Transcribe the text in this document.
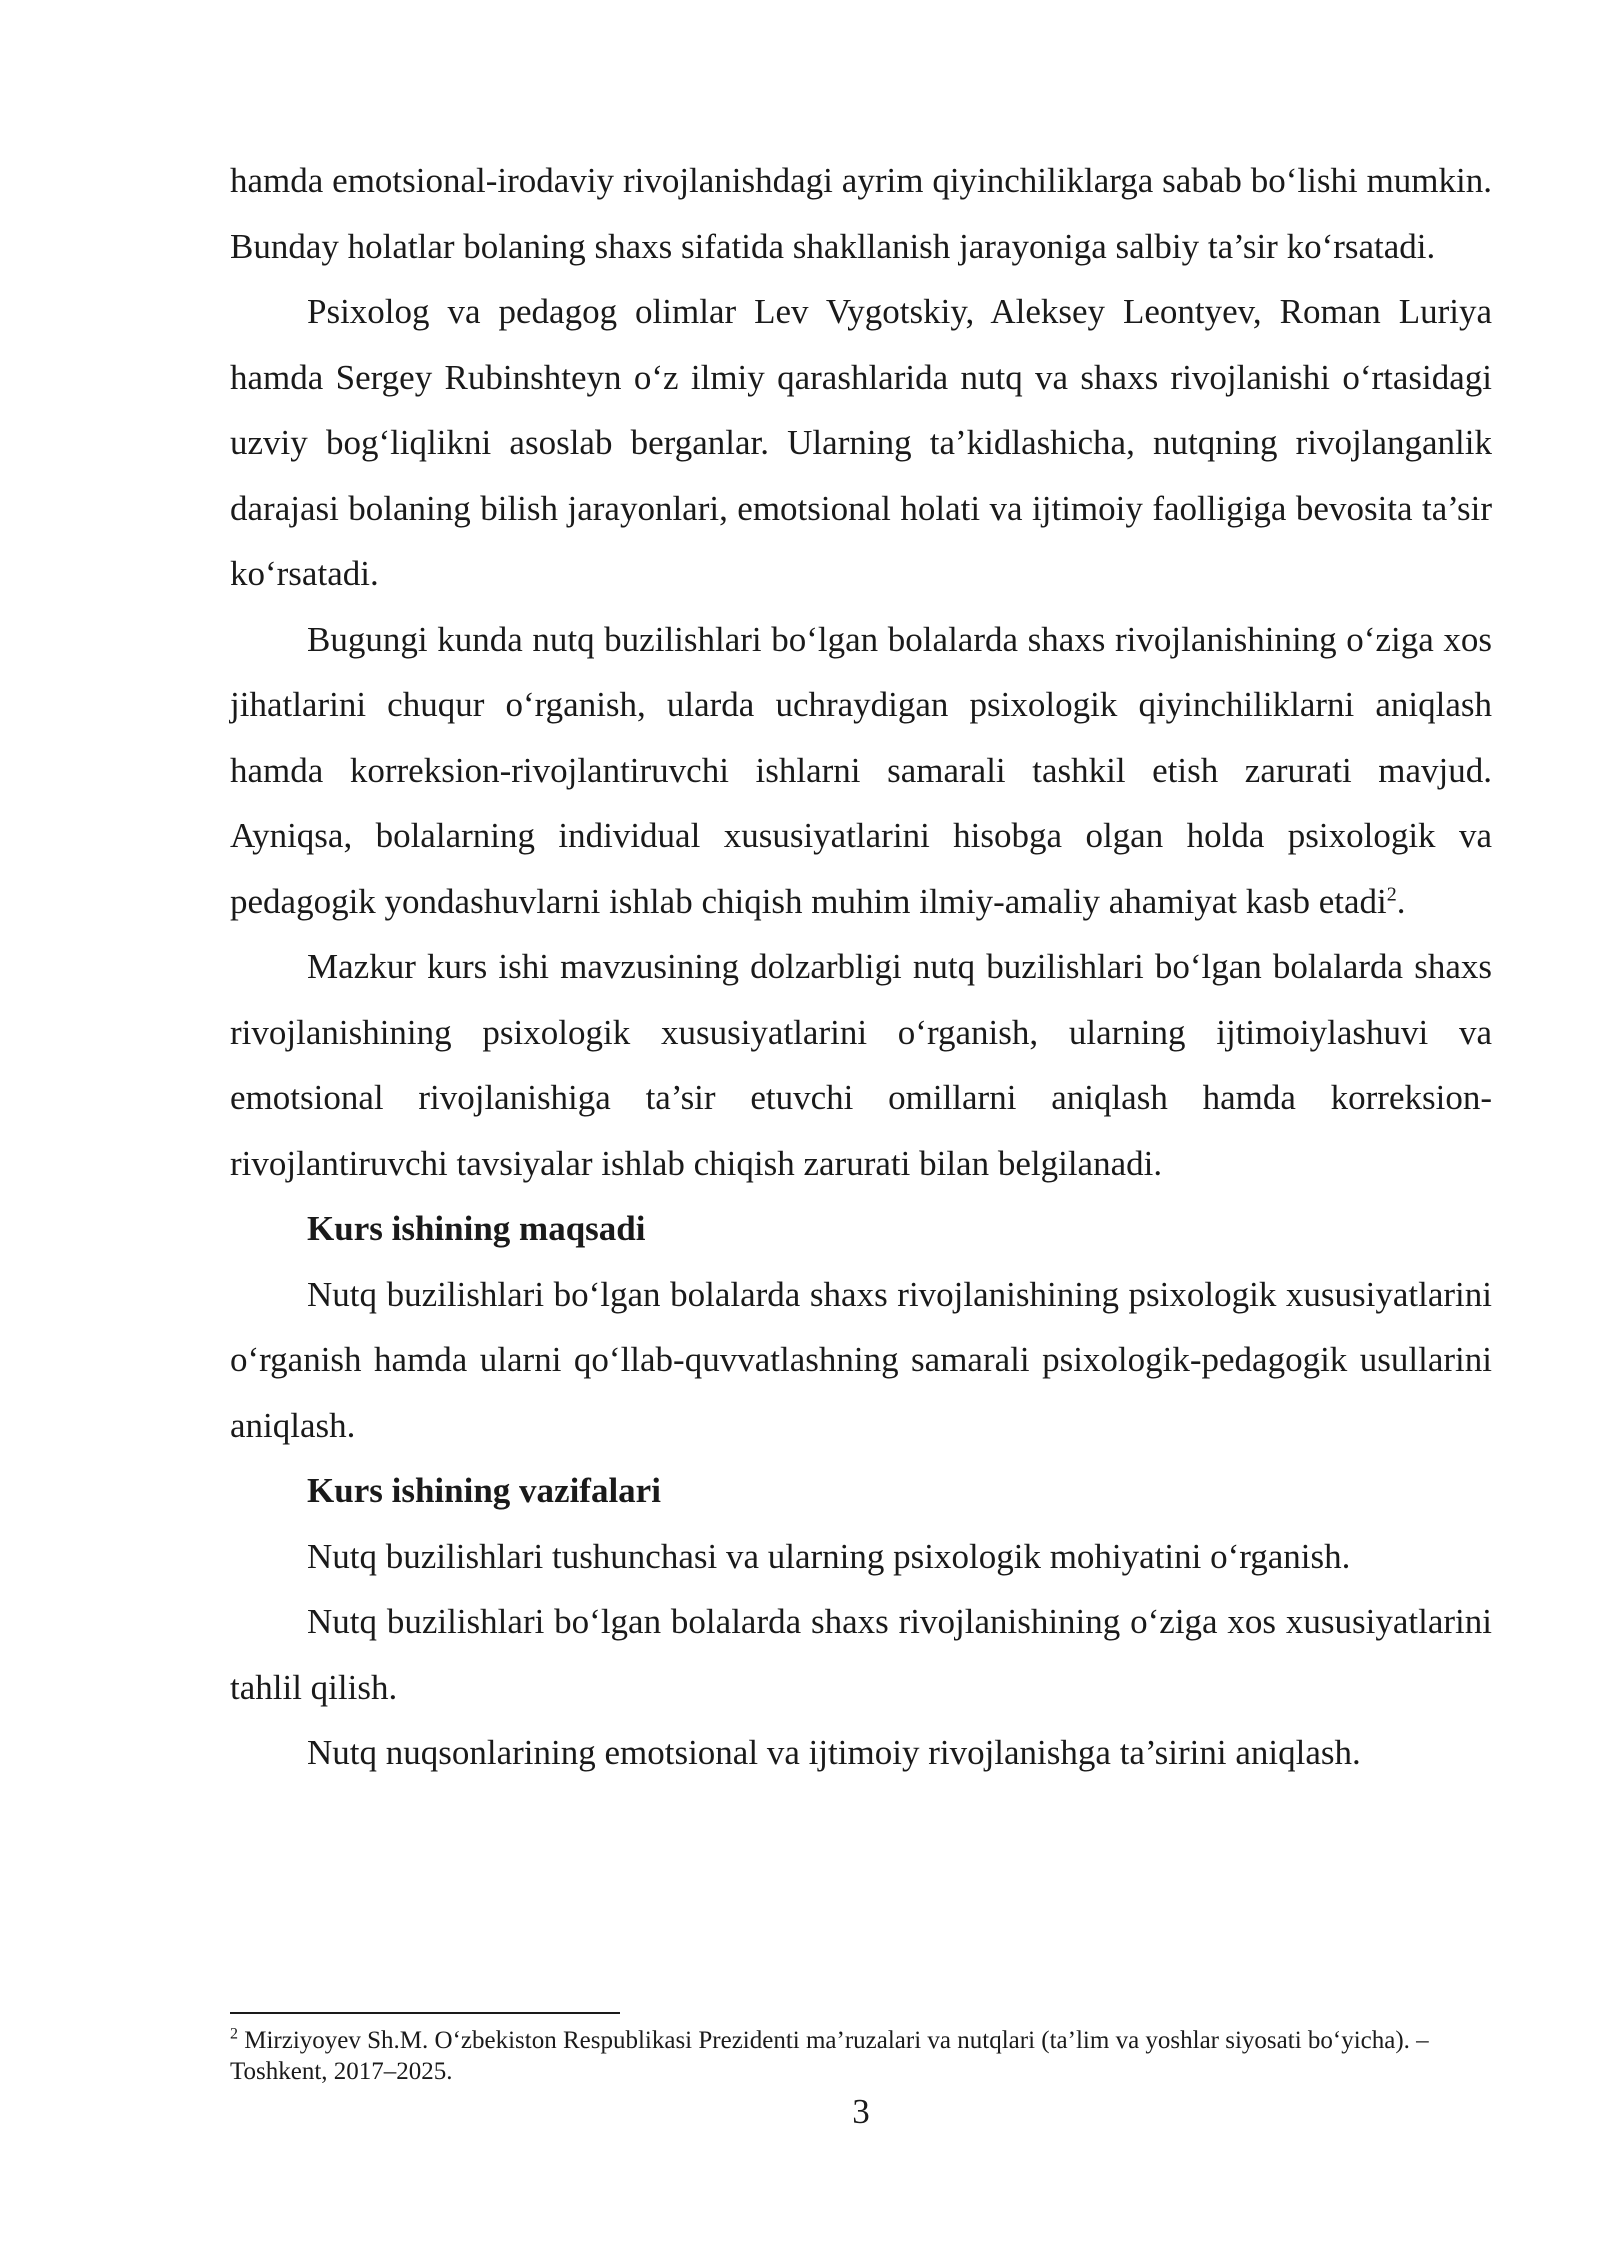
hamda emotsional-irodaviy rivojlanishdagi ayrim qiyinchiliklarga sabab bo‘lishi mumkin. Bunday holatlar bolaning shaxs sifatida shakllanish jarayoniga salbiy ta’sir ko‘rsatadi.

Psixolog va pedagog olimlar Lev Vygotskiy, Aleksey Leontyev, Roman Luriya hamda Sergey Rubinshteyn o‘z ilmiy qarashlarida nutq va shaxs rivojlanishi o‘rtasidagi uzviy bog‘liqlikni asoslab berganlar. Ularning ta’kidlashicha, nutqning rivojlanganlik darajasi bolaning bilish jarayonlari, emotsional holati va ijtimoiy faolligiga bevosita ta’sir ko‘rsatadi.

Bugungi kunda nutq buzilishlari bo‘lgan bolalarda shaxs rivojlanishining o‘ziga xos jihatlarini chuqur o‘rganish, ularda uchraydigan psixologik qiyinchiliklarni aniqlash hamda korreksion-rivojlantiruvchi ishlarni samarali tashkil etish zarurati mavjud. Ayniqsa, bolalarning individual xususiyatlarini hisobga olgan holda psixologik va pedagogik yondashuvlarni ishlab chiqish muhim ilmiy-amaliy ahamiyat kasb etadi$^2$.

Mazkur kurs ishi mavzusining dolzarbligi nutq buzilishlari bo‘lgan bolalarda shaxs rivojlanishining psixologik xususiyatlarini o‘rganish, ularning ijtimoiylashuvi va emotsional rivojlanishiga ta’sir etuvchi omillarni aniqlash hamda korreksion-rivojlantiruvchi tavsiyalar ishlab chiqish zarurati bilan belgilanadi.

Kurs ishining maqsadi

Nutq buzilishlari bo‘lgan bolalarda shaxs rivojlanishining psixologik xususiyatlarini o‘rganish hamda ularni qo‘llab-quvvatlashning samarali psixologik-pedagogik usullarini aniqlash.

Kurs ishining vazifalari

Nutq buzilishlari tushunchasi va ularning psixologik mohiyatini o‘rganish.

Nutq buzilishlari bo‘lgan bolalarda shaxs rivojlanishining o‘ziga xos xususiyatlarini tahlil qilish.

Nutq nuqsonlarining emotsional va ijtimoiy rivojlanishga ta’sirini aniqlash.

$^2$ Mirziyoyev Sh.M. O‘zbekiston Respublikasi Prezidenti ma’ruzalari va nutqlari (ta’lim va yoshlar siyosati bo‘yicha). – Toshkent, 2017–2025.

3
